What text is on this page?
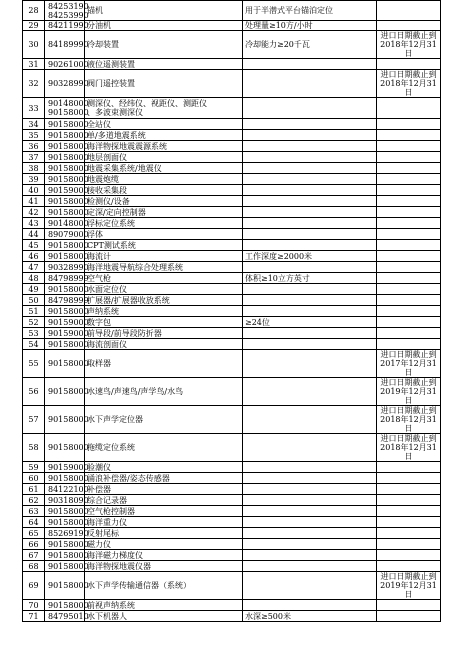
28	84253190
84253990	锚机	用于半潜式平台锚泊定位	
29	84211990	分油机	处理量≥10方/小时	
30	84189990	冷却装置	冷却能力≥20千瓦	进口日期截止到
2018年12月31日

31	90261000	液位遥测装置		

32	90328990	阀门遥控装置		进口日期截止到
2018年12月31日

33	90148000
90158000	测深仪、经纬仪、视距仪、测距仪
、多波束测深仪		

34	90158000	全站仪		

35	90158000	单/多道地震系统		

36	90158000	海洋物探地震震源系统		

37	90158000	地层剖面仪		

38	90158000	地震采集系统/地震仪		

39	90158000	地震炮缆		

40	90159000	接收采集段		

41	90158000	检测仪/设备		

42	90158000	定深/定向控制器		

43	90148000	浮标定位系统		

44	89079000	浮体		

45	90158000	CPT测试系统		

46	90158000	海流计	工作深度≥2000米	
47	90328990	海洋地震导航综合处理系统		

48	84798999	空气枪	体积≥10立方英寸	
49	90158000	水面定位仪		

50	84798999	扩展器/扩展器收放系统		

51	90158000	声纳系统		

52	90159000	数字包	≥24位	
53	90159000	前导段/前导段防折器		

54	90158000	海流剖面仪		

55	90158000	取样器		进口日期截止到
2017年12月31日

56	90158000	水速鸟/声速鸟/声学鸟/水鸟		进口日期截止到
2019年12月31日

57	90158000	水下声学定位器		进口日期截止到
2018年12月31日

58	90158000	拖缆定位系统		进口日期截止到
2018年12月31日

59	90159000	验潮仪		

60	90158000	涌浪补偿器/姿态传感器		

61	84122100	补偿器		

62	90318090	综合记录器		

63	90158000	空气枪控制器		

64	90158000	海洋重力仪		

65	85269190	反射尾标		

66	90158000	磁力仪		

67	90158000	海洋磁力梯度仪		

68	90158000	海洋物探地震仪器		

69	90158000	水下声学传输通信器（系统）		进口日期截止到
2019年12月31日

70	90158000	前视声纳系统		

71	84795010	水下机器人	水深≥500米	
